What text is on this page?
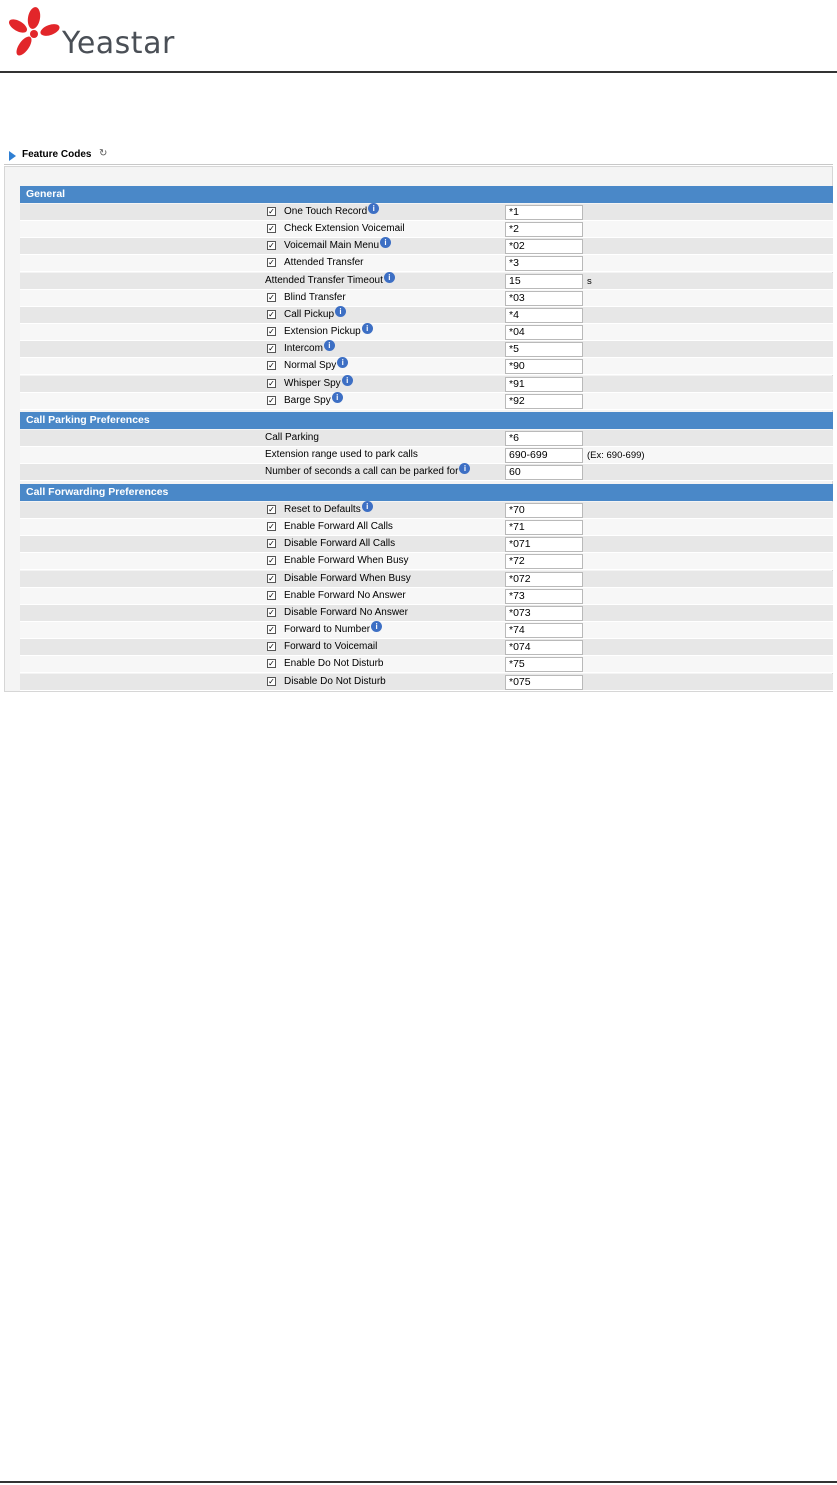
Yeastar
Feature Codes ↻
General
✓ One Touch Record i	*1
✓ Check Extension Voicemail	*2
✓ Voicemail Main Menu i	*02
✓ Attended Transfer	*3
Attended Transfer Timeout i	15	s
✓ Blind Transfer	*03
✓ Call Pickup i	*4
✓ Extension Pickup i	*04
✓ Intercom i	*5
✓ Normal Spy i	*90
✓ Whisper Spy i	*91
✓ Barge Spy i	*92
Call Parking Preferences
Call Parking	*6
Extension range used to park calls	690-699	(Ex: 690-699)
Number of seconds a call can be parked for i	60
Call Forwarding Preferences
✓ Reset to Defaults i	*70
✓ Enable Forward All Calls	*71
✓ Disable Forward All Calls	*071
✓ Enable Forward When Busy	*72
✓ Disable Forward When Busy	*072
✓ Enable Forward No Answer	*73
✓ Disable Forward No Answer	*073
✓ Forward to Number i	*74
✓ Forward to Voicemail	*074
✓ Enable Do Not Disturb	*75
✓ Disable Do Not Disturb	*075
